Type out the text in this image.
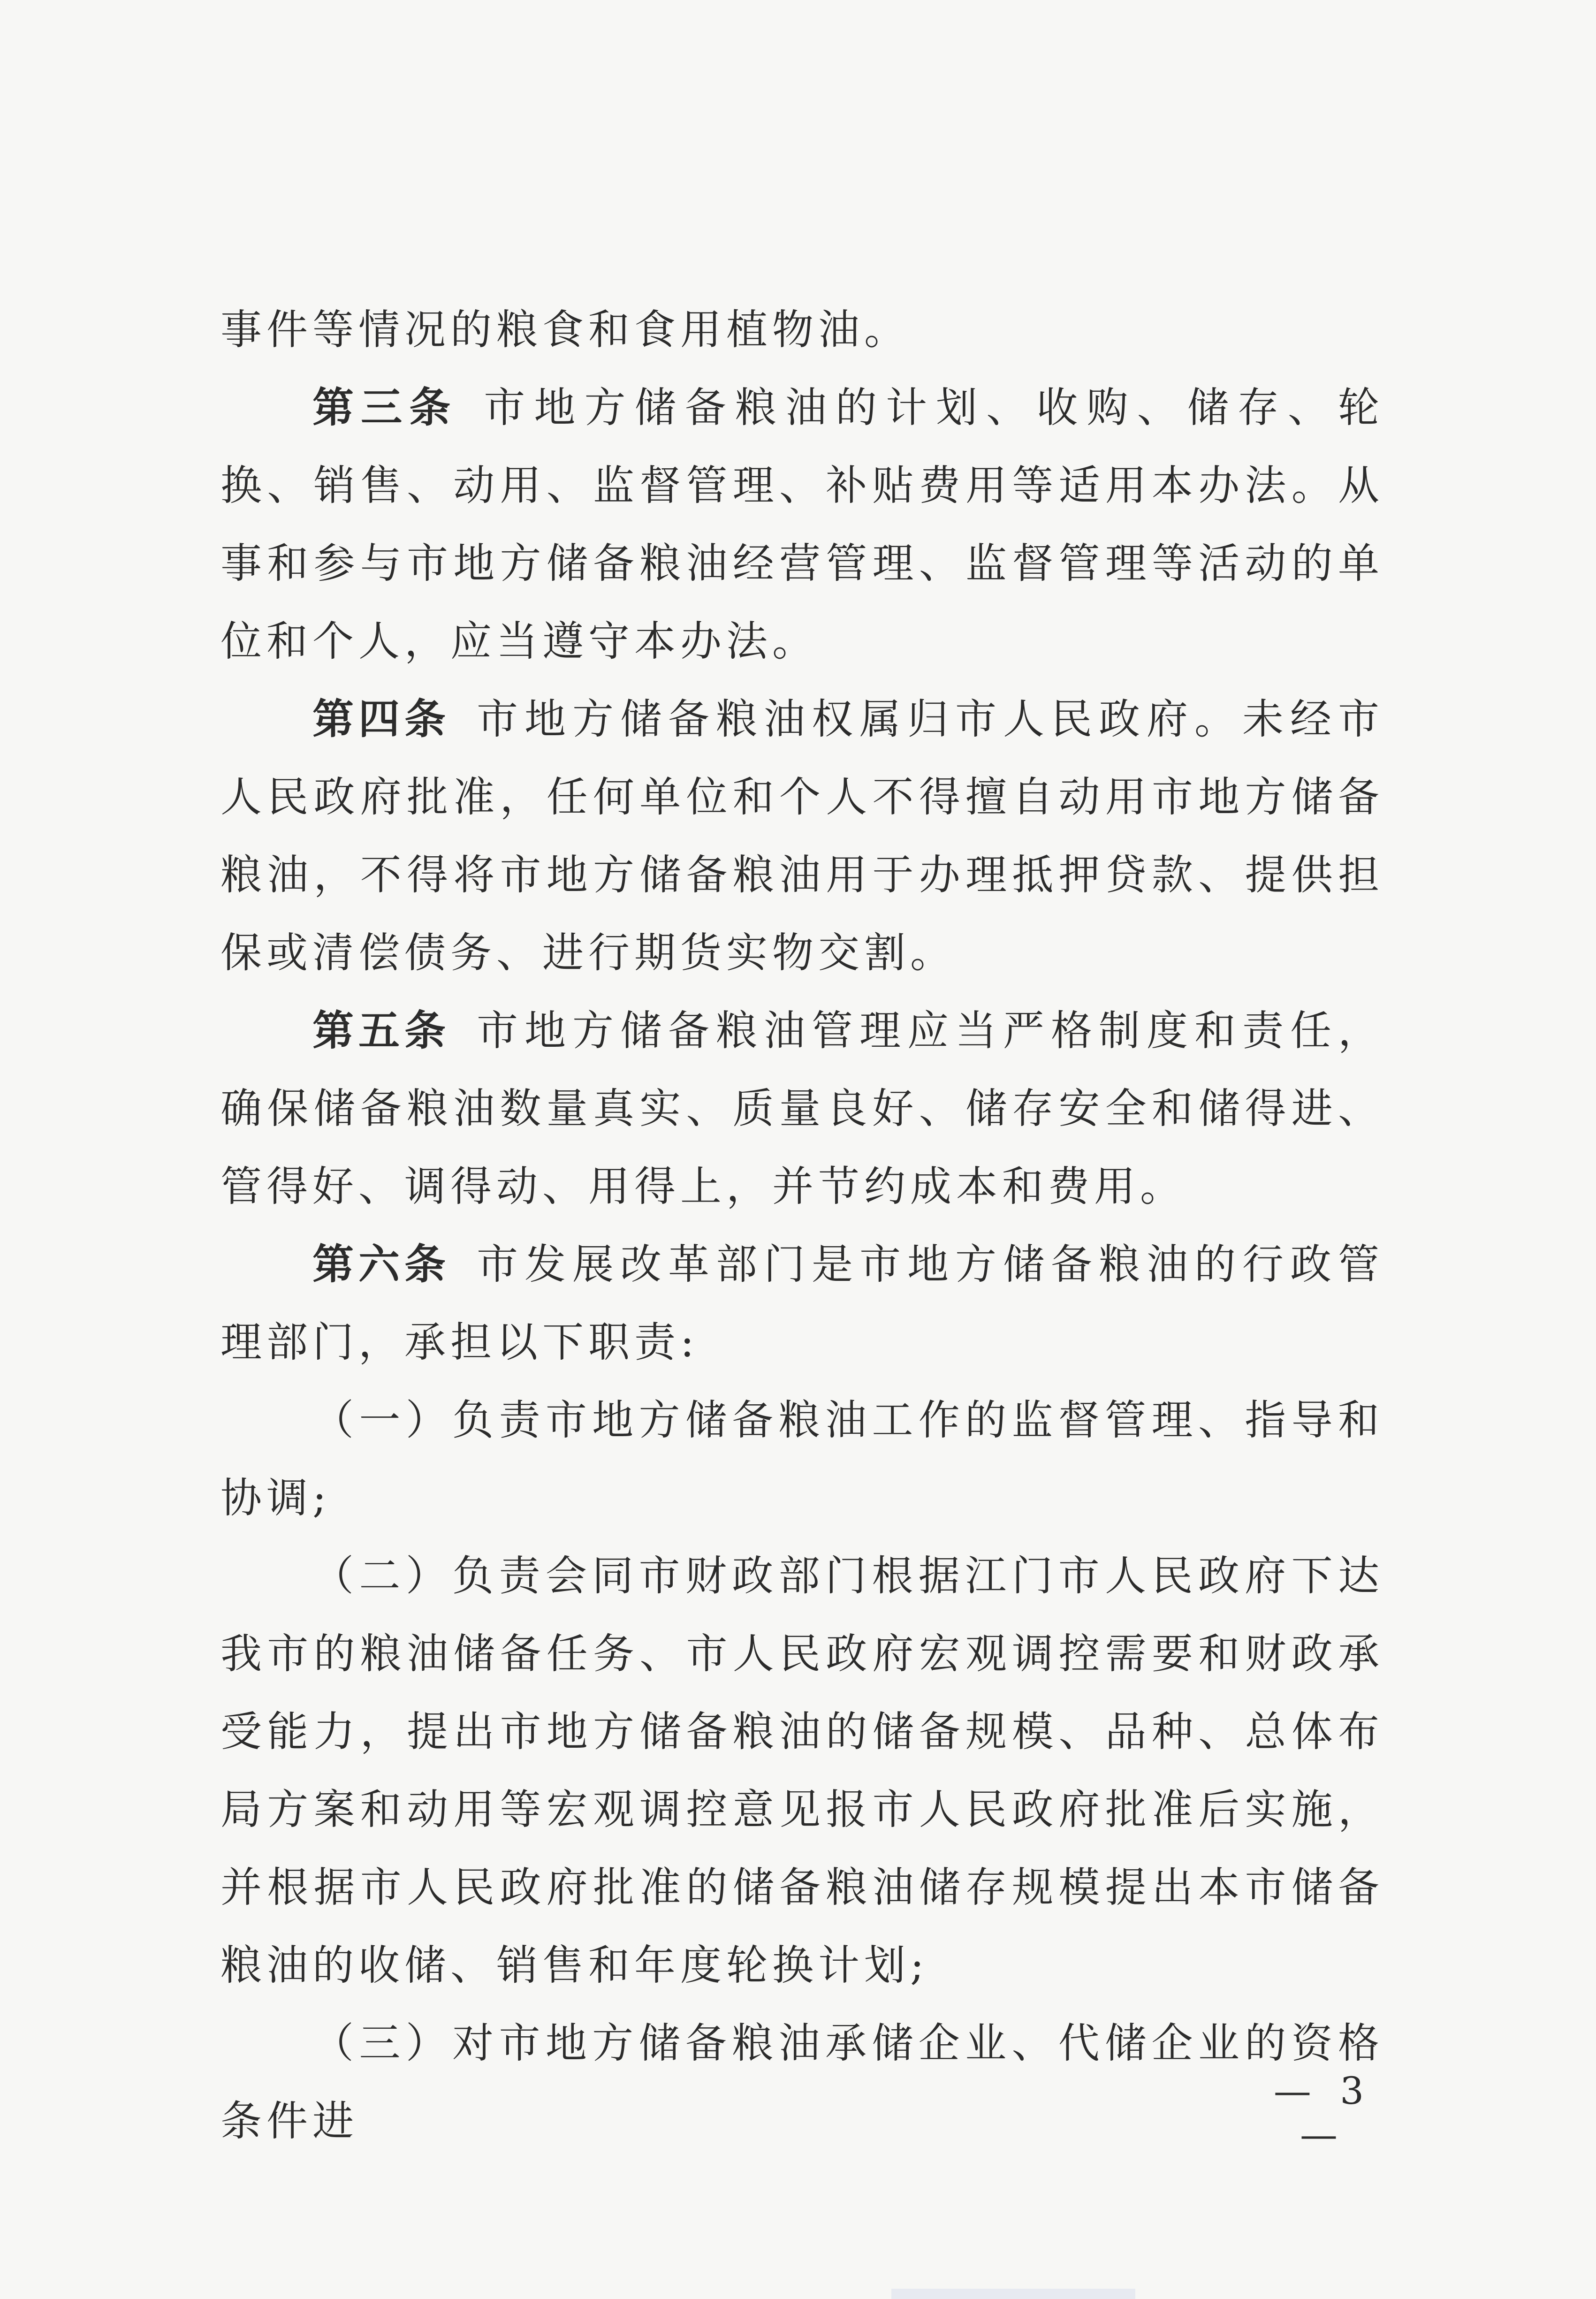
事件等情况的粮食和食用植物油。

第三条 市地方储备粮油的计划、收购、储存、轮换、销售、动用、监督管理、补贴费用等适用本办法。从事和参与市地方储备粮油经营管理、监督管理等活动的单位和个人，应当遵守本办法。

第四条 市地方储备粮油权属归市人民政府。未经市人民政府批准，任何单位和个人不得擅自动用市地方储备粮油，不得将市地方储备粮油用于办理抵押贷款、提供担保或清偿债务、进行期货实物交割。

第五条 市地方储备粮油管理应当严格制度和责任，确保储备粮油数量真实、质量良好、储存安全和储得进、管得好、调得动、用得上，并节约成本和费用。

第六条 市发展改革部门是市地方储备粮油的行政管理部门，承担以下职责:

（一）负责市地方储备粮油工作的监督管理、指导和协调;

（二）负责会同市财政部门根据江门市人民政府下达我市的粮油储备任务、市人民政府宏观调控需要和财政承受能力，提出市地方储备粮油的储备规模、品种、总体布局方案和动用等宏观调控意见报市人民政府批准后实施，并根据市人民政府批准的储备粮油储存规模提出本市储备粮油的收储、销售和年度轮换计划;

（三）对市地方储备粮油承储企业、代储企业的资格条件进

— 3 —
